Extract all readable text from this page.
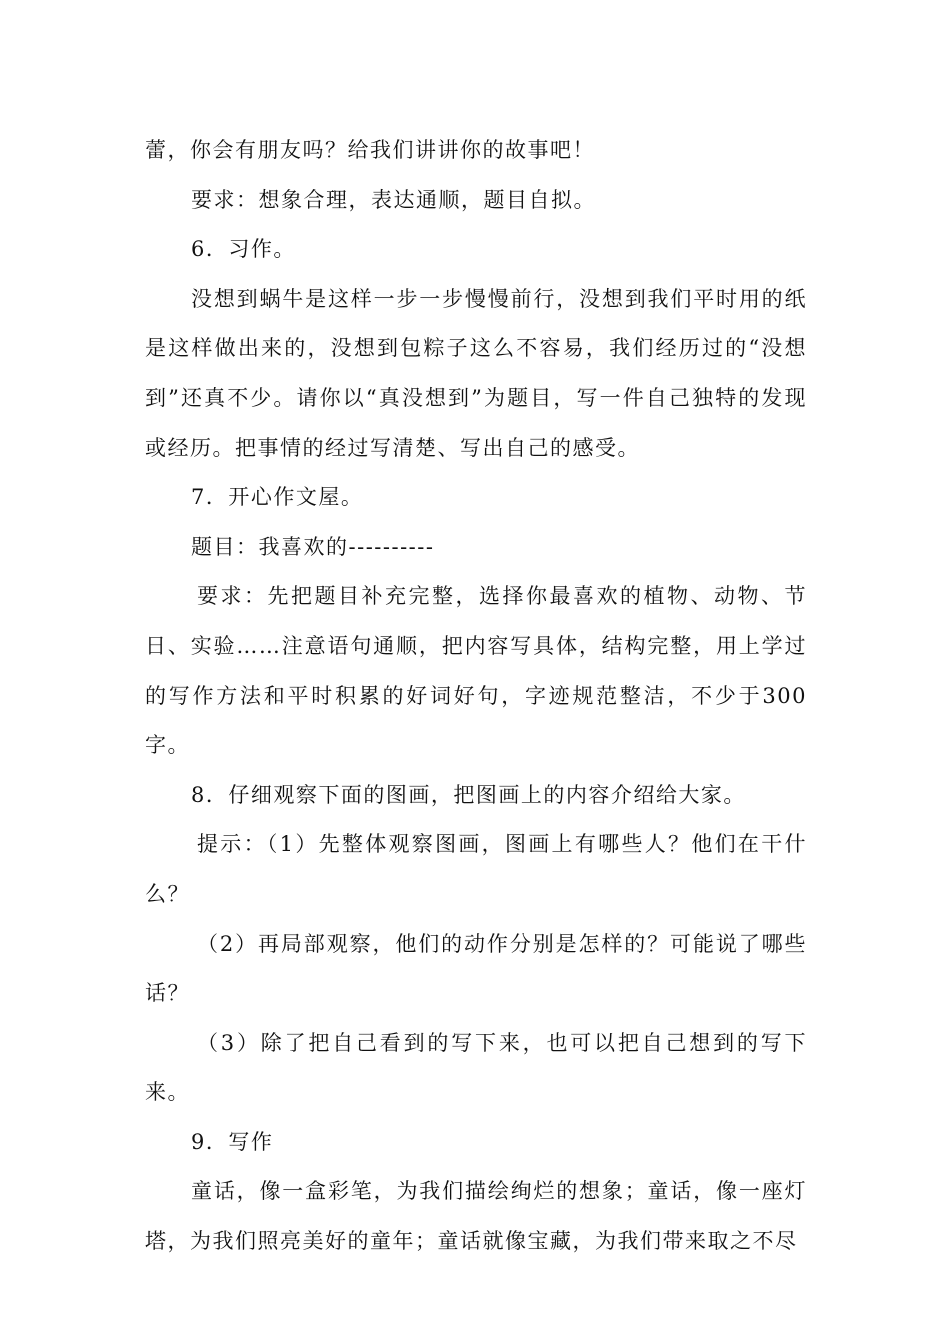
蕾，你会有朋友吗？给我们讲讲你的故事吧！

要求：想象合理，表达通顺，题目自拟。

6．习作。

没想到蜗牛是这样一步一步慢慢前行，没想到我们平时用的纸是这样做出来的，没想到包粽子这么不容易，我们经历过的“没想到”还真不少。请你以“真没想到”为题目，写一件自己独特的发现或经历。把事情的经过写清楚、写出自己的感受。

7．开心作文屋。

题目：我喜欢的----------

要求：先把题目补充完整，选择你最喜欢的植物、动物、节日、实验……注意语句通顺，把内容写具体，结构完整，用上学过的写作方法和平时积累的好词好句，字迹规范整洁，不少于300字。

8．仔细观察下面的图画，把图画上的内容介绍给大家。

提示：（1）先整体观察图画，图画上有哪些人？他们在干什么？

（2）再局部观察，他们的动作分别是怎样的？可能说了哪些话？

（3）除了把自己看到的写下来，也可以把自己想到的写下来。

9．写作

童话，像一盒彩笔，为我们描绘绚烂的想象；童话，像一座灯塔，为我们照亮美好的童年；童话就像宝藏，为我们带来取之不尽
